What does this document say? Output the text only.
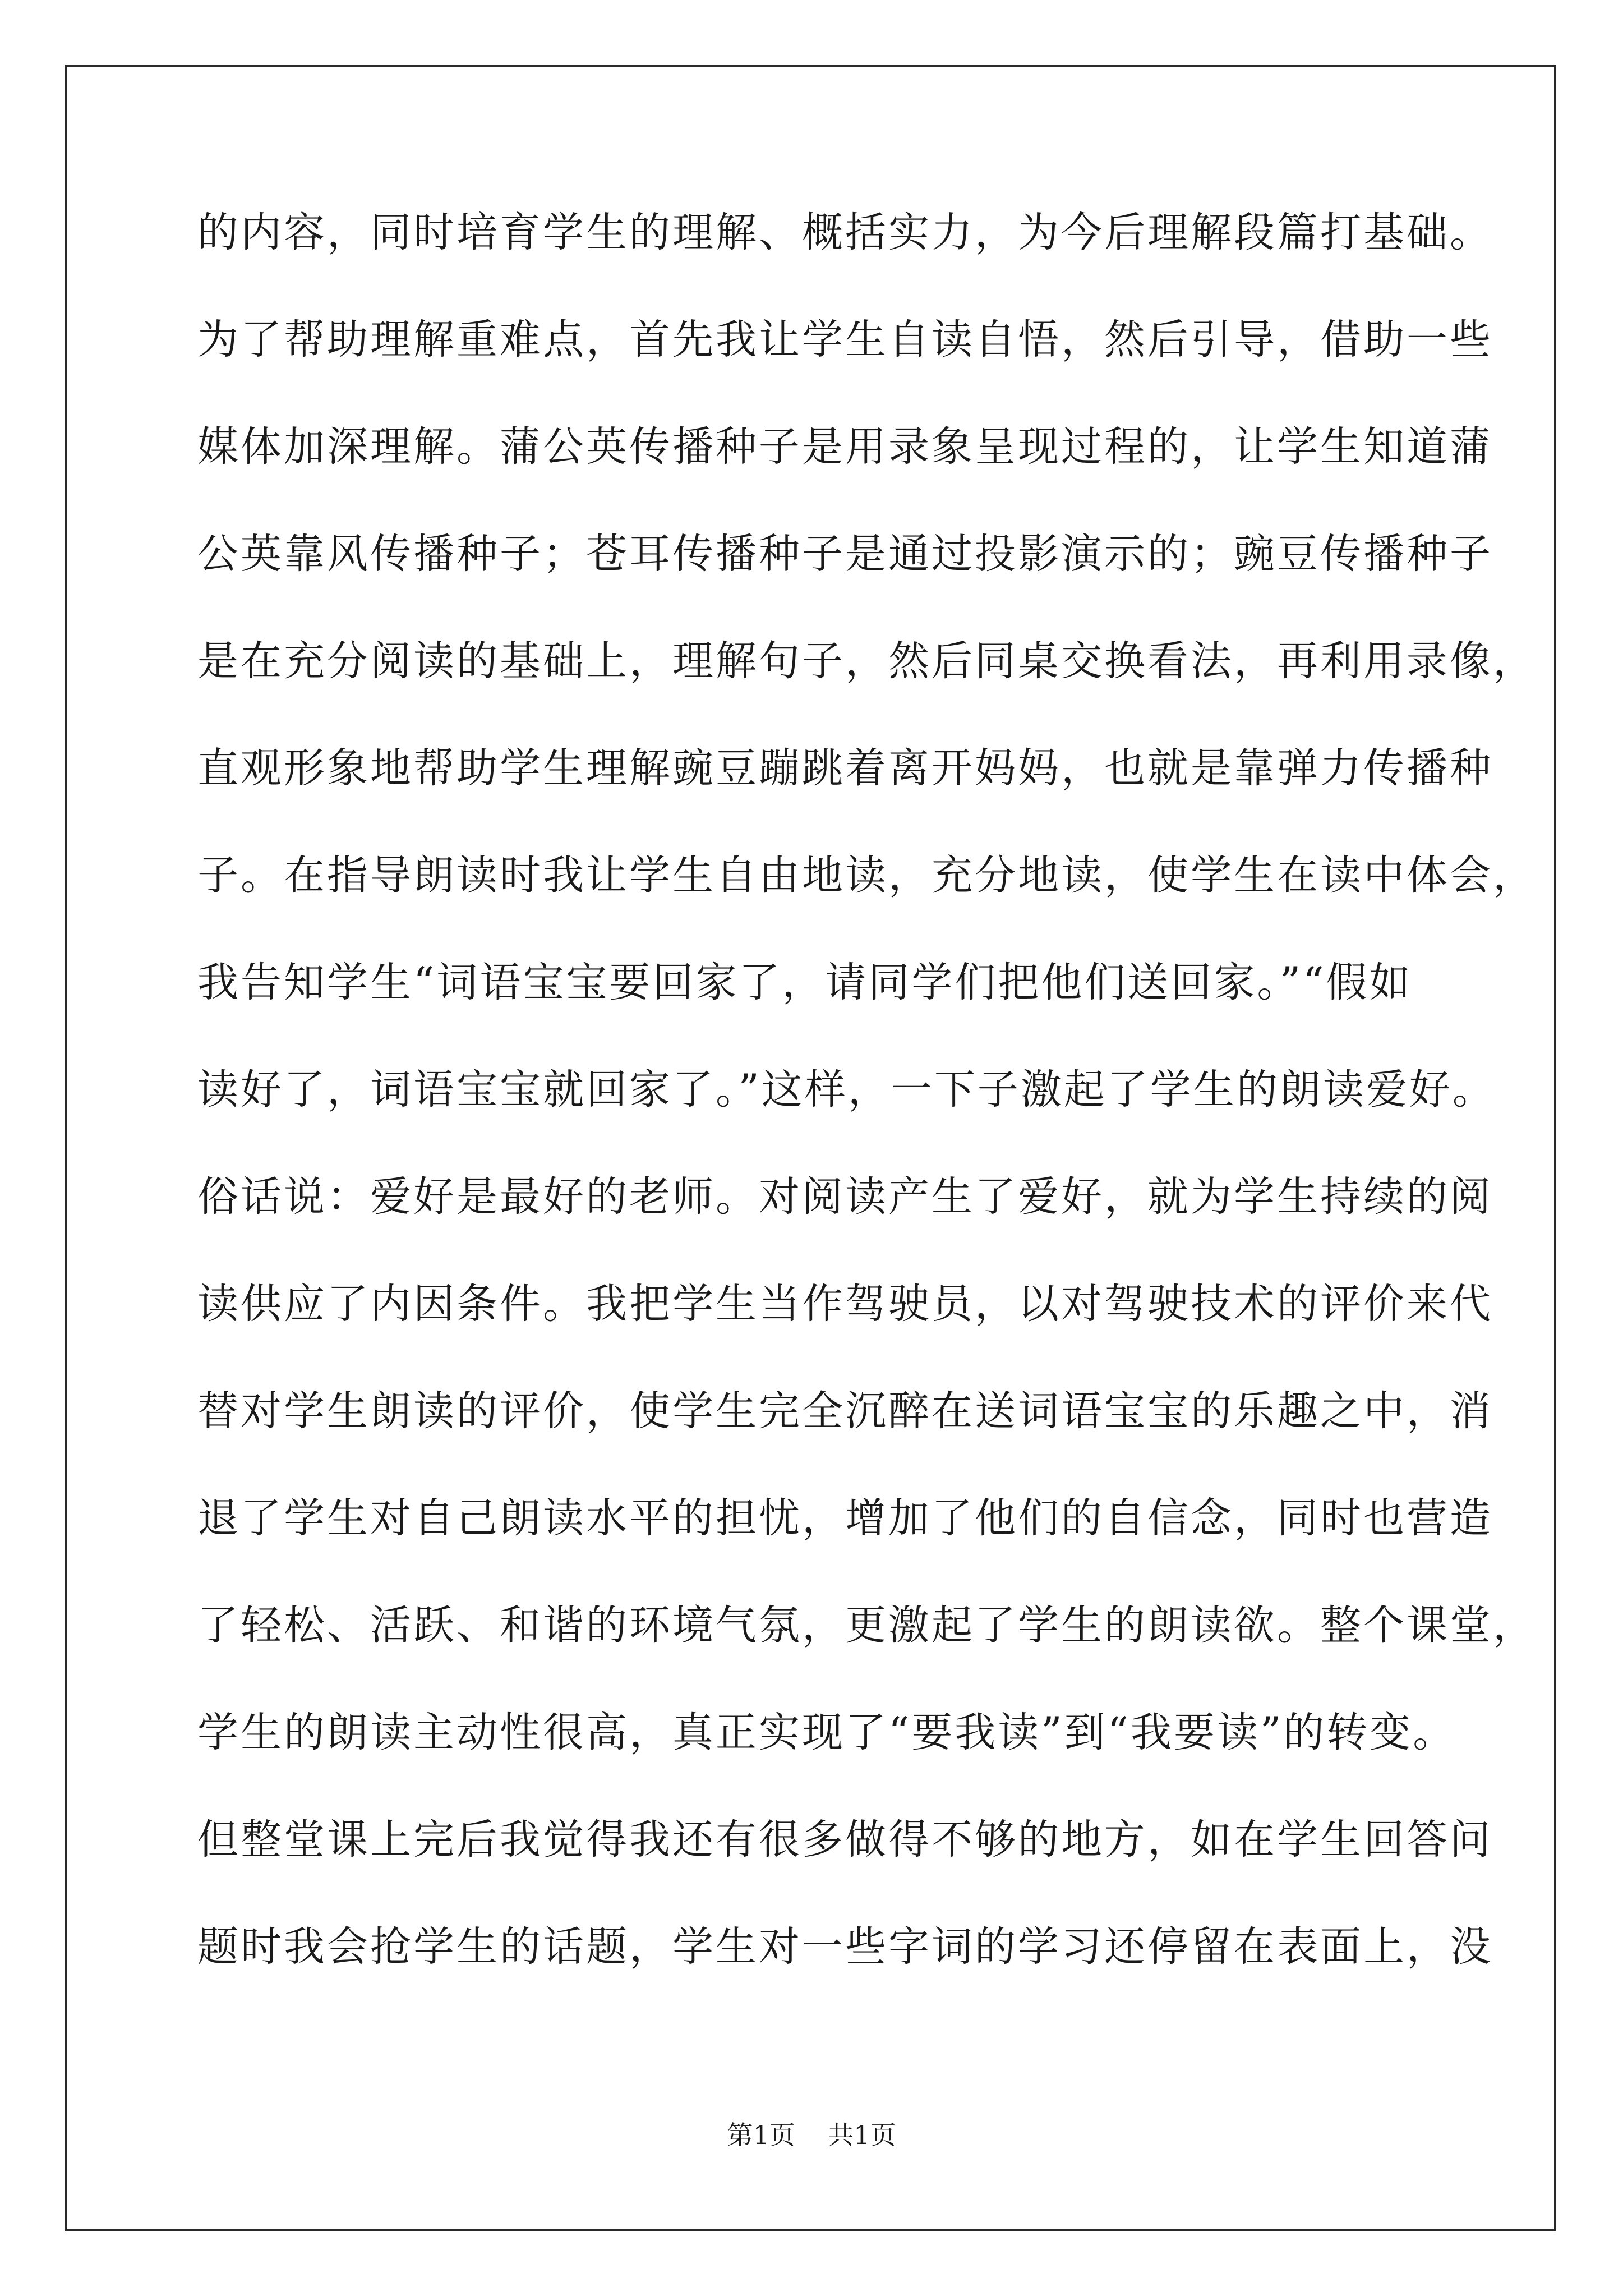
的内容，同时培育学生的理解、概括实力，为今后理解段篇打基础。
为了帮助理解重难点，首先我让学生自读自悟，然后引导，借助一些
媒体加深理解。蒲公英传播种子是用录象呈现过程的，让学生知道蒲
公英靠风传播种子；苍耳传播种子是通过投影演示的；豌豆传播种子
是在充分阅读的基础上，理解句子，然后同桌交换看法，再利用录像，
直观形象地帮助学生理解豌豆蹦跳着离开妈妈，也就是靠弹力传播种
子。在指导朗读时我让学生自由地读，充分地读，使学生在读中体会，
我告知学生“词语宝宝要回家了，请同学们把他们送回家。”“假如
读好了，词语宝宝就回家了。”这样，一下子激起了学生的朗读爱好。
俗话说：爱好是最好的老师。对阅读产生了爱好，就为学生持续的阅
读供应了内因条件。我把学生当作驾驶员，以对驾驶技术的评价来代
替对学生朗读的评价，使学生完全沉醉在送词语宝宝的乐趣之中，消
退了学生对自己朗读水平的担忧，增加了他们的自信念，同时也营造
了轻松、活跃、和谐的环境气氛，更激起了学生的朗读欲。整个课堂，
学生的朗读主动性很高，真正实现了“要我读”到“我要读”的转变。
但整堂课上完后我觉得我还有很多做得不够的地方，如在学生回答问
题时我会抢学生的话题，学生对一些字词的学习还停留在表面上，没
第1页    共1页
